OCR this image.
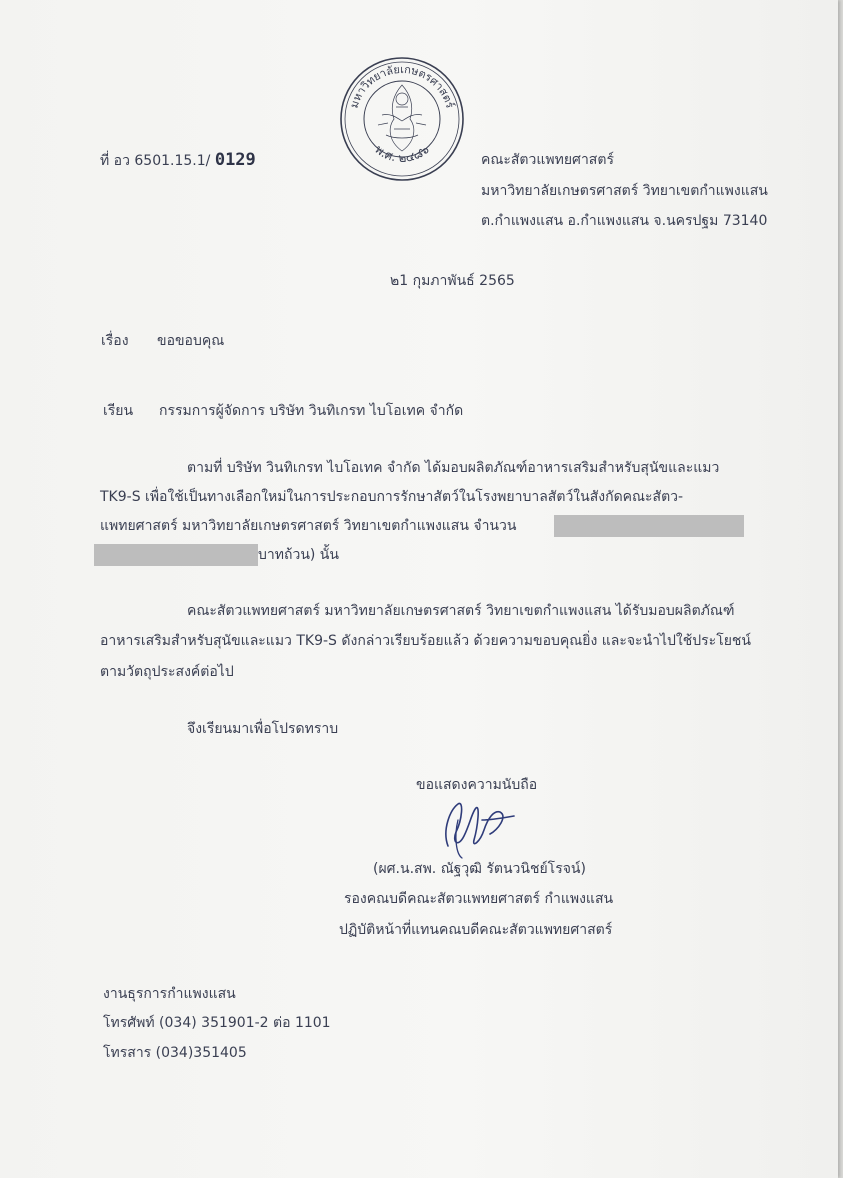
มหาวิทยาลัยเกษตรศาสตร์
พ.ศ. ๒๔๘๖
ที่ อว 6501.15.1/ 0129	คณะสัตวแพทยศาสตร์
มหาวิทยาลัยเกษตรศาสตร์ วิทยาเขตกำแพงแสน
ต.กำแพงแสน อ.กำแพงแสน จ.นครปฐม 73140
๒1 กุมภาพันธ์ 2565
เรื่อง ขอขอบคุณ
เรียน กรรมการผู้จัดการ บริษัท วินทิเกรท ไบโอเทค จำกัด
ตามที่ บริษัท วินทิเกรท ไบโอเทค จำกัด ได้มอบผลิตภัณฑ์อาหารเสริมสำหรับสุนัขและแมว
TK9-S เพื่อใช้เป็นทางเลือกใหม่ในการประกอบการรักษาสัตว์ในโรงพยาบาลสัตว์ในสังกัดคณะสัตว-
แพทยศาสตร์ มหาวิทยาลัยเกษตรศาสตร์ วิทยาเขตกำแพงแสน จำนวน
บาทถ้วน) นั้น
คณะสัตวแพทยศาสตร์ มหาวิทยาลัยเกษตรศาสตร์ วิทยาเขตกำแพงแสน ได้รับมอบผลิตภัณฑ์
อาหารเสริมสำหรับสุนัขและแมว TK9-S ดังกล่าวเรียบร้อยแล้ว ด้วยความขอบคุณยิ่ง และจะนำไปใช้ประโยชน์
ตามวัตถุประสงค์ต่อไป
จึงเรียนมาเพื่อโปรดทราบ
ขอแสดงความนับถือ
(ผศ.น.สพ. ณัฐวุฒิ รัตนวนิชย์โรจน์)
รองคณบดีคณะสัตวแพทยศาสตร์ กำแพงแสน
ปฏิบัติหน้าที่แทนคณบดีคณะสัตวแพทยศาสตร์
งานธุรการกำแพงแสน
โทรศัพท์ (034) 351901-2 ต่อ 1101
โทรสาร (034)351405
